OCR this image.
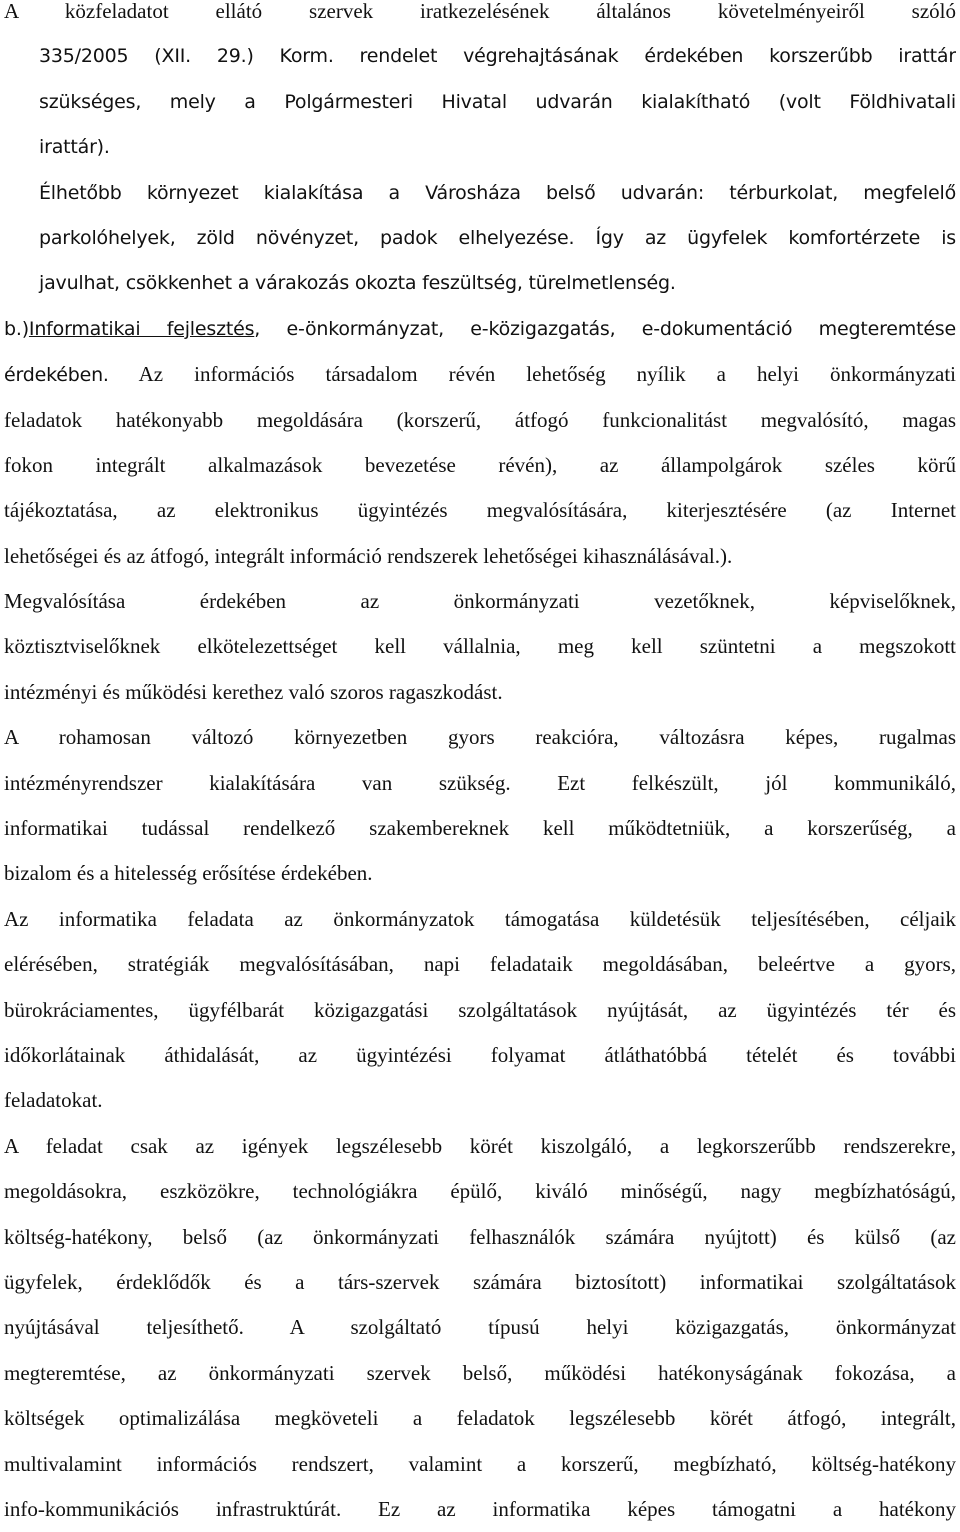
A közfeladatot ellátó szervek iratkezelésének általános követelményeiről szóló
335/2005 (XII. 29.) Korm. rendelet végrehajtásának érdekében korszerűbb irattár
szükséges, mely a Polgármesteri Hivatal udvarán kialakítható (volt Földhivatali
irattár).
Élhetőbb környezet kialakítása a Városháza belső udvarán: térburkolat, megfelelő
parkolóhelyek, zöld növényzet, padok elhelyezése. Így az ügyfelek komfortérzete is
javulhat, csökkenhet a várakozás okozta feszültség, türelmetlenség.
b.)Informatikai fejlesztés, e-önkormányzat, e-közigazgatás, e-dokumentáció megteremtése
érdekében. Az információs társadalom révén lehetőség nyílik a helyi önkormányzati
feladatok hatékonyabb megoldására (korszerű, átfogó funkcionalitást megvalósító, magas
fokon integrált alkalmazások bevezetése révén), az állampolgárok széles körű
tájékoztatása, az elektronikus ügyintézés megvalósítására, kiterjesztésére (az Internet
lehetőségei és az átfogó, integrált információ rendszerek lehetőségei kihasználásával.).
Megvalósítása érdekében az önkormányzati vezetőknek, képviselőknek,
köztisztviselőknek elkötelezettséget kell vállalnia, meg kell szüntetni a megszokott
intézményi és működési kerethez való szoros ragaszkodást.
A rohamosan változó környezetben gyors reakcióra, változásra képes, rugalmas
intézményrendszer kialakítására van szükség. Ezt felkészült, jól kommunikáló,
informatikai tudással rendelkező szakembereknek kell működtetniük, a korszerűség, a
bizalom és a hitelesség erősítése érdekében.
Az informatika feladata az önkormányzatok támogatása küldetésük teljesítésében, céljaik
elérésében, stratégiák megvalósításában, napi feladataik megoldásában, beleértve a gyors,
bürokráciamentes, ügyfélbarát közigazgatási szolgáltatások nyújtását, az ügyintézés tér és
időkorlátainak áthidalását, az ügyintézési folyamat átláthatóbbá tételét és további
feladatokat.
A feladat csak az igények legszélesebb körét kiszolgáló, a legkorszerűbb rendszerekre,
megoldásokra, eszközökre, technológiákra épülő, kiváló minőségű, nagy megbízhatóságú,
költség-hatékony, belső (az önkormányzati felhasználók számára nyújtott) és külső (az
ügyfelek, érdeklődők és a társ-szervek számára biztosított) informatikai szolgáltatások
nyújtásával teljesíthető. A szolgáltató típusú helyi közigazgatás, önkormányzat
megteremtése, az önkormányzati szervek belső, működési hatékonyságának fokozása, a
költségek optimalizálása megköveteli a feladatok legszélesebb körét átfogó, integrált,
multivalamint információs rendszert, valamint a korszerű, megbízható, költség-hatékony
info-kommunikációs infrastruktúrát. Ez az informatika képes támogatni a hatékony
